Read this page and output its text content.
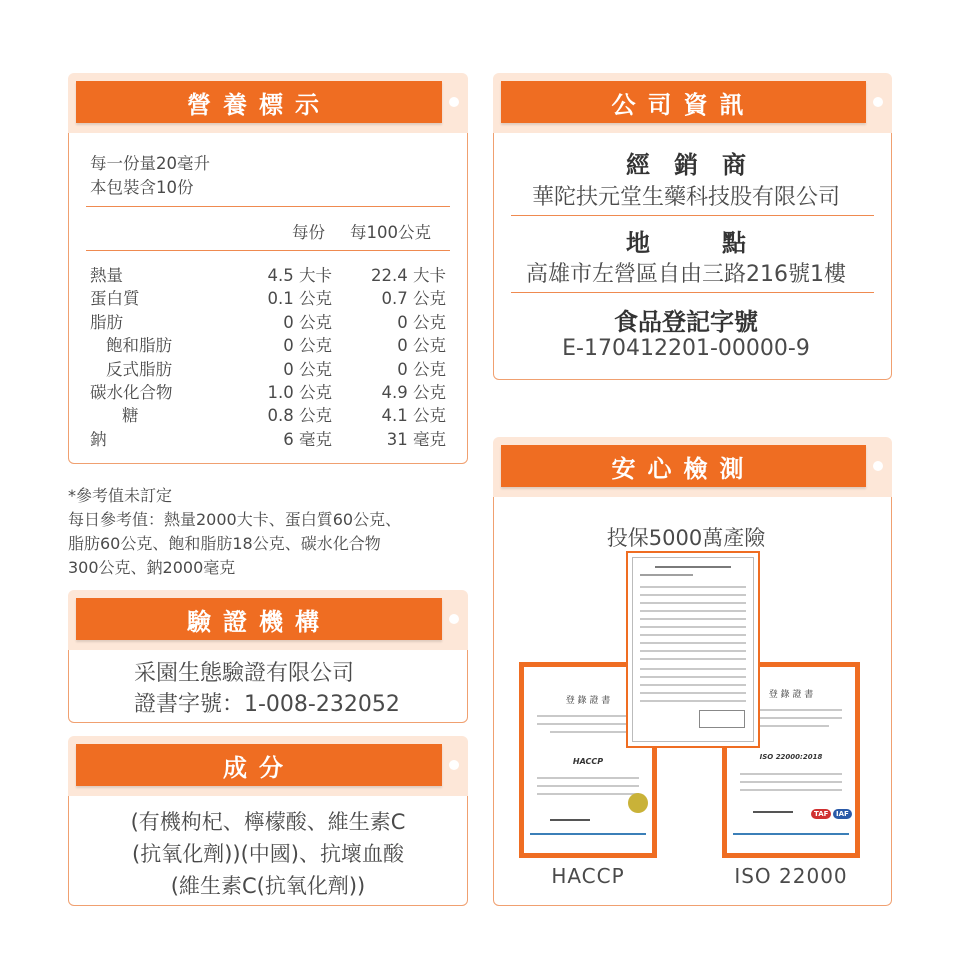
營養標示
每一份量20毫升
本包裝含10份
每份 每100公克
熱量	4.5 大卡 22.4 大卡
蛋白質	0.1 公克	0.7 公克
脂肪	0 公克	0 公克
飽和脂肪	0 公克	0 公克
反式脂肪	0 公克	0 公克
碳水化合物	1.0 公克	4.9 公克
糖	0.8 公克	4.1 公克
鈉	6 毫克	31 毫克
*參考值未訂定
每日參考值：熱量2000大卡、蛋白質60公克、
脂肪60公克、飽和脂肪18公克、碳水化合物
300公克、鈉2000毫克
驗證機構
采園生態驗證有限公司
證書字號：1-008-232052
成分
(有機枸杞、檸檬酸、維生素C
(抗氧化劑))(中國)、抗壞血酸
(維生素C(抗氧化劑))
公司資訊
經　銷　商
華陀扶元堂生藥科技股有限公司
地　　　點
高雄市左營區自由三路216號1樓
食品登記字號
E-170412201-00000-9
安心檢測
投保5000萬產險
登 錄 證 書
HACCP
登 錄 證 書
ISO 22000:2018
TAF	IAF
HACCP	ISO 22000
